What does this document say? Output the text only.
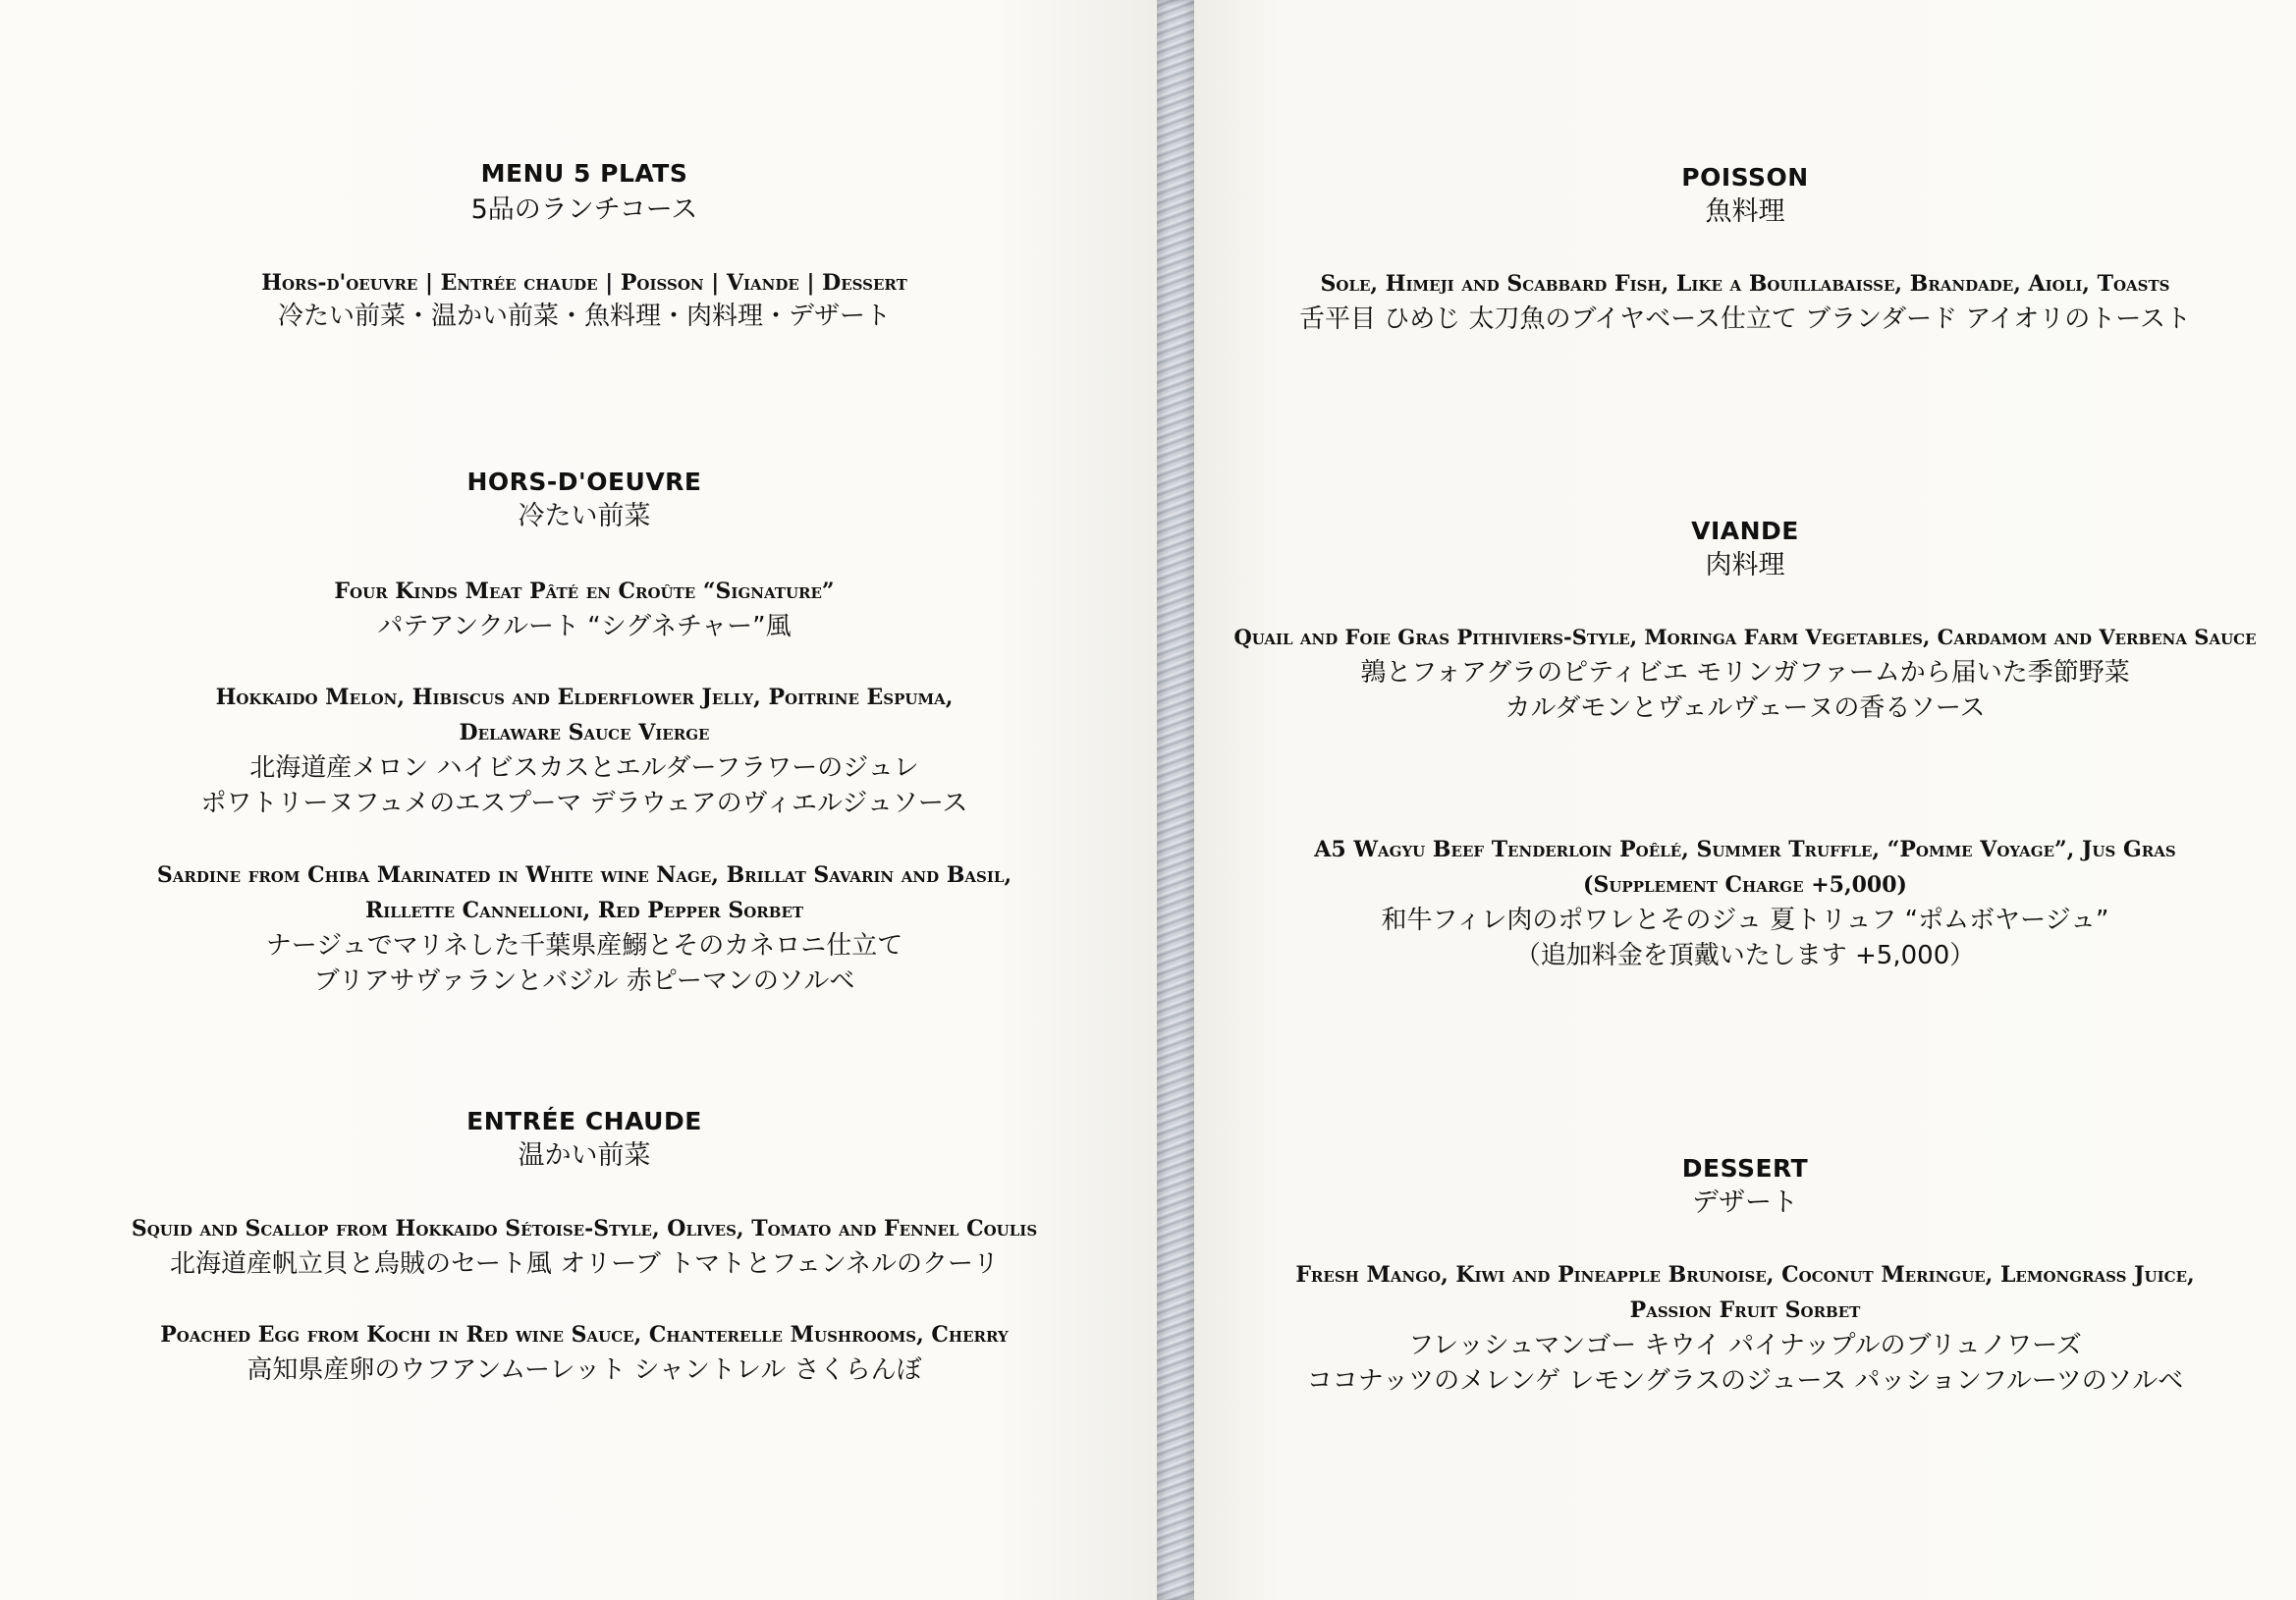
MENU 5 PLATS
5品のランチコース
Hors-d'oeuvre | Entrée chaude | Poisson | Viande | Dessert
冷たい前菜・温かい前菜・魚料理・肉料理・デザート
HORS-D'OEUVRE
冷たい前菜
Four Kinds Meat Pâté en Croûte “Signature”
パテアンクルート “シグネチャー”風
Hokkaido Melon, Hibiscus and Elderflower Jelly, Poitrine Espuma,
Delaware Sauce Vierge
北海道産メロン ハイビスカスとエルダーフラワーのジュレ
ポワトリーヌフュメのエスプーマ デラウェアのヴィエルジュソース
Sardine from Chiba Marinated in White wine Nage, Brillat Savarin and Basil,
Rillette Cannelloni, Red Pepper Sorbet
ナージュでマリネした千葉県産鰯とそのカネロニ仕立て
ブリアサヴァランとバジル 赤ピーマンのソルベ
ENTRÉE CHAUDE
温かい前菜
Squid and Scallop from Hokkaido Sétoise-Style, Olives, Tomato and Fennel Coulis
北海道産帆立貝と烏賊のセート風 オリーブ トマトとフェンネルのクーリ
Poached Egg from Kochi in Red wine Sauce, Chanterelle Mushrooms, Cherry
高知県産卵のウフアンムーレット シャントレル さくらんぼ
POISSON
魚料理
Sole, Himeji and Scabbard Fish, Like a Bouillabaisse, Brandade, Aioli, Toasts
舌平目 ひめじ 太刀魚のブイヤベース仕立て ブランダード アイオリのトースト
VIANDE
肉料理
Quail and Foie Gras Pithiviers-Style, Moringa Farm Vegetables, Cardamom and Verbena Sauce
鶉とフォアグラのピティビエ モリンガファームから届いた季節野菜
カルダモンとヴェルヴェーヌの香るソース
A5 Wagyu Beef Tenderloin Poêlé, Summer Truffle, “Pomme Voyage”, Jus Gras
(Supplement Charge +5,000)
和牛フィレ肉のポワレとそのジュ 夏トリュフ “ポムボヤージュ”
（追加料金を頂戴いたします +5,000）
DESSERT
デザート
Fresh Mango, Kiwi and Pineapple Brunoise, Coconut Meringue, Lemongrass Juice,
Passion Fruit Sorbet
フレッシュマンゴー キウイ パイナップルのブリュノワーズ
ココナッツのメレンゲ レモングラスのジュース パッションフルーツのソルベ
